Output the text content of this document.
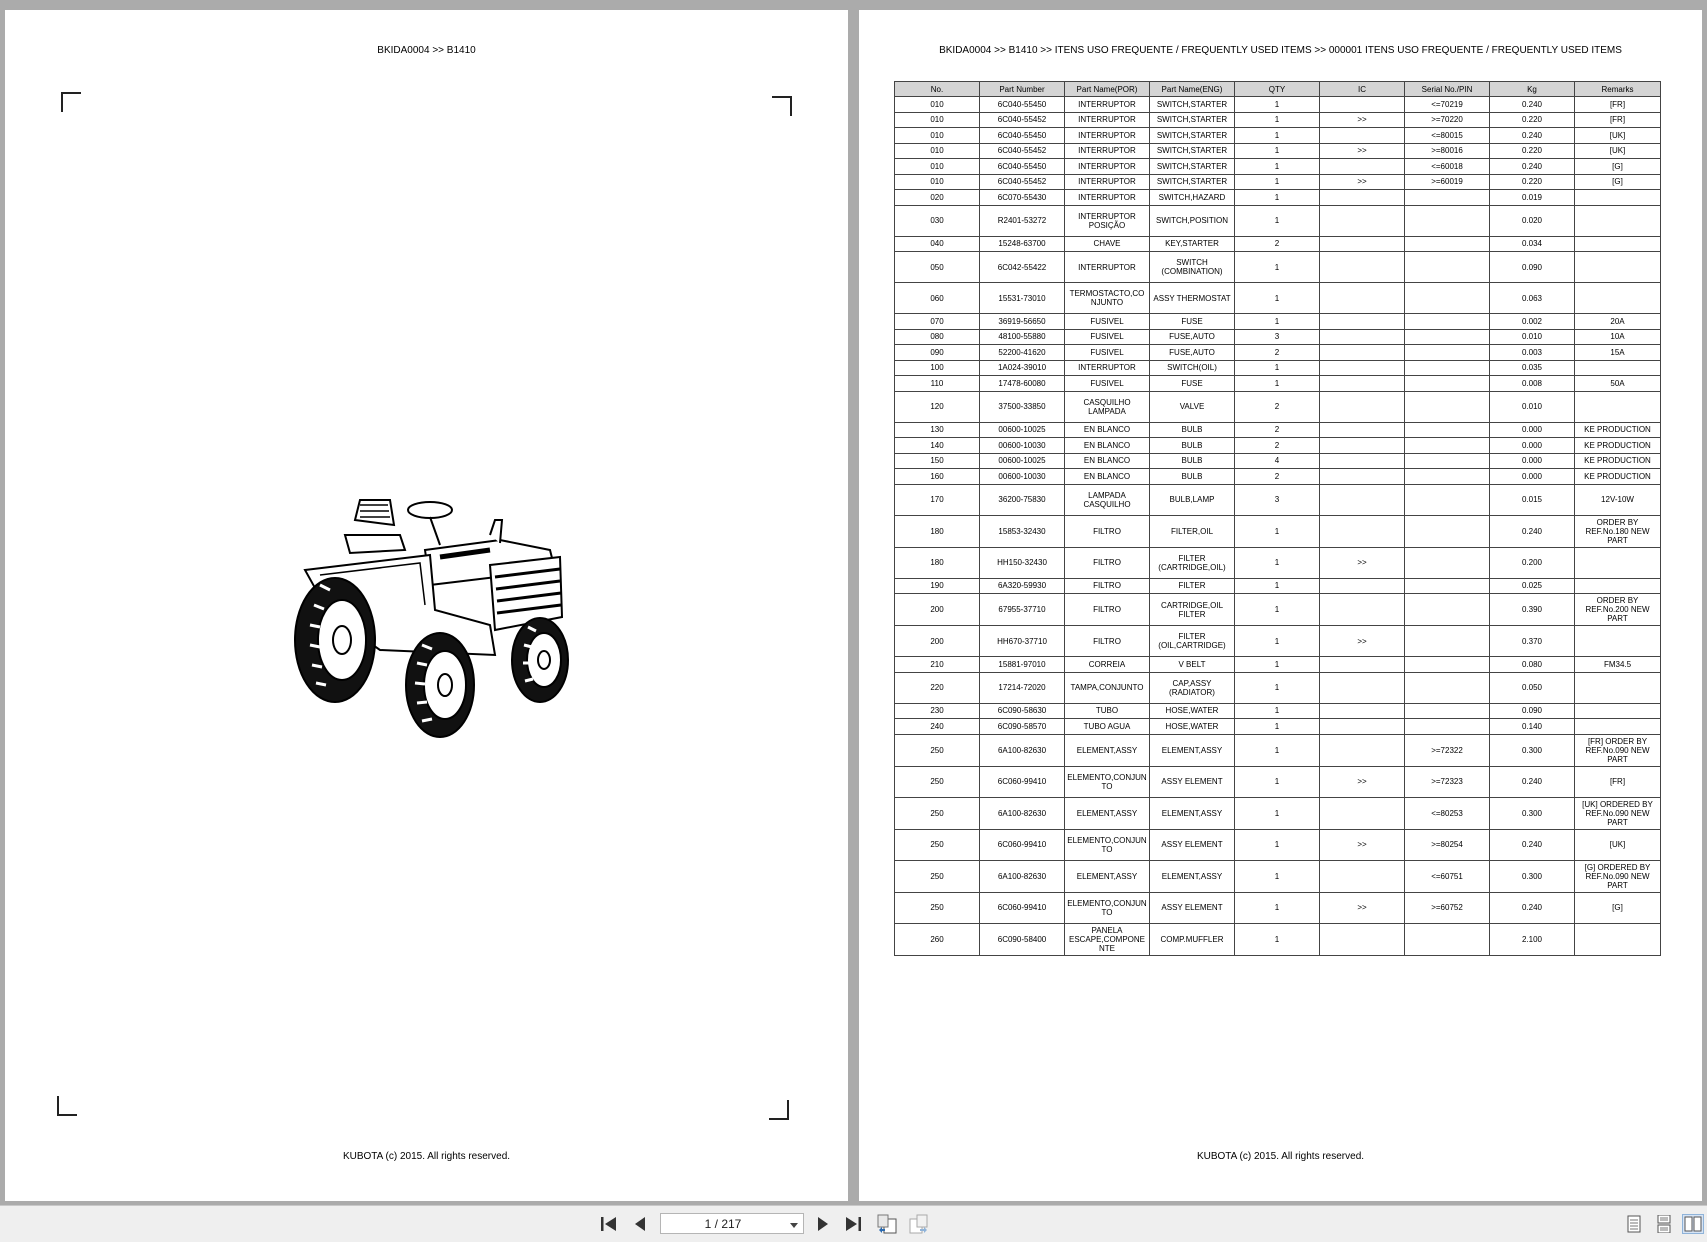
BKIDA0004 >> B1410
KUBOTA (c) 2015. All rights reserved.
BKIDA0004 >> B1410 >> ITENS USO FREQUENTE / FREQUENTLY USED ITEMS >> 000001 ITENS USO FREQUENTE / FREQUENTLY USED ITEMS
No.	Part Number	Part Name(POR)	Part Name(ENG)	QTY	IC	Serial No./PIN	Kg	Remarks
010	6C040-55450	INTERRUPTOR	SWITCH,STARTER	1		<=70219	0.240	[FR]
010	6C040-55452	INTERRUPTOR	SWITCH,STARTER	1	>>	>=70220	0.220	[FR]
010	6C040-55450	INTERRUPTOR	SWITCH,STARTER	1		<=80015	0.240	[UK]
010	6C040-55452	INTERRUPTOR	SWITCH,STARTER	1	>>	>=80016	0.220	[UK]
010	6C040-55450	INTERRUPTOR	SWITCH,STARTER	1		<=60018	0.240	[G]
010	6C040-55452	INTERRUPTOR	SWITCH,STARTER	1	>>	>=60019	0.220	[G]
020	6C070-55430	INTERRUPTOR	SWITCH,HAZARD	1			0.019	
030	R2401-53272	INTERRUPTOR POSIÇÃO	SWITCH,POSITION	1			0.020	
040	15248-63700	CHAVE	KEY,STARTER	2			0.034	
050	6C042-55422	INTERRUPTOR	SWITCH (COMBINATION)	1			0.090	
060	15531-73010	TERMOSTACTO,CONJUNTO	ASSY THERMOSTAT	1			0.063	
070	36919-56650	FUSIVEL	FUSE	1			0.002	20A
080	48100-55880	FUSIVEL	FUSE,AUTO	3			0.010	10A
090	52200-41620	FUSIVEL	FUSE,AUTO	2			0.003	15A
100	1A024-39010	INTERRUPTOR	SWITCH(OIL)	1			0.035	
110	17478-60080	FUSIVEL	FUSE	1			0.008	50A
120	37500-33850	CASQUILHO LAMPADA	VALVE	2			0.010	
130	00600-10025	EN BLANCO	BULB	2			0.000	KE PRODUCTION
140	00600-10030	EN BLANCO	BULB	2			0.000	KE PRODUCTION
150	00600-10025	EN BLANCO	BULB	4			0.000	KE PRODUCTION
160	00600-10030	EN BLANCO	BULB	2			0.000	KE PRODUCTION
170	36200-75830	LAMPADA CASQUILHO	BULB,LAMP	3			0.015	12V-10W
180	15853-32430	FILTRO	FILTER,OIL	1			0.240	ORDER BY REF.No.180 NEW PART
180	HH150-32430	FILTRO	FILTER (CARTRIDGE,OIL)	1	>>		0.200	
190	6A320-59930	FILTRO	FILTER	1			0.025	
200	67955-37710	FILTRO	CARTRIDGE,OIL FILTER	1			0.390	ORDER BY REF.No.200 NEW PART
200	HH670-37710	FILTRO	FILTER (OIL,CARTRIDGE)	1	>>		0.370	
210	15881-97010	CORREIA	V BELT	1			0.080	FM34.5
220	17214-72020	TAMPA,CONJUNTO	CAP,ASSY (RADIATOR)	1			0.050	
230	6C090-58630	TUBO	HOSE,WATER	1			0.090	
240	6C090-58570	TUBO AGUA	HOSE,WATER	1			0.140	
250	6A100-82630	ELEMENT,ASSY	ELEMENT,ASSY	1		>=72322	0.300	[FR] ORDER BY REF.No.090 NEW PART
250	6C060-99410	ELEMENTO,CONJUNTO	ASSY ELEMENT	1	>>	>=72323	0.240	[FR]
250	6A100-82630	ELEMENT,ASSY	ELEMENT,ASSY	1		<=80253	0.300	[UK] ORDERED BY REF.No.090 NEW PART
250	6C060-99410	ELEMENTO,CONJUNTO	ASSY ELEMENT	1	>>	>=80254	0.240	[UK]
250	6A100-82630	ELEMENT,ASSY	ELEMENT,ASSY	1		<=60751	0.300	[G] ORDERED BY REF.No.090 NEW PART
250	6C060-99410	ELEMENTO,CONJUNTO	ASSY ELEMENT	1	>>	>=60752	0.240	[G]
260	6C090-58400	PANELA ESCAPE,COMPONENTE	COMP.MUFFLER	1			2.100	
KUBOTA (c) 2015. All rights reserved.
1 / 217
